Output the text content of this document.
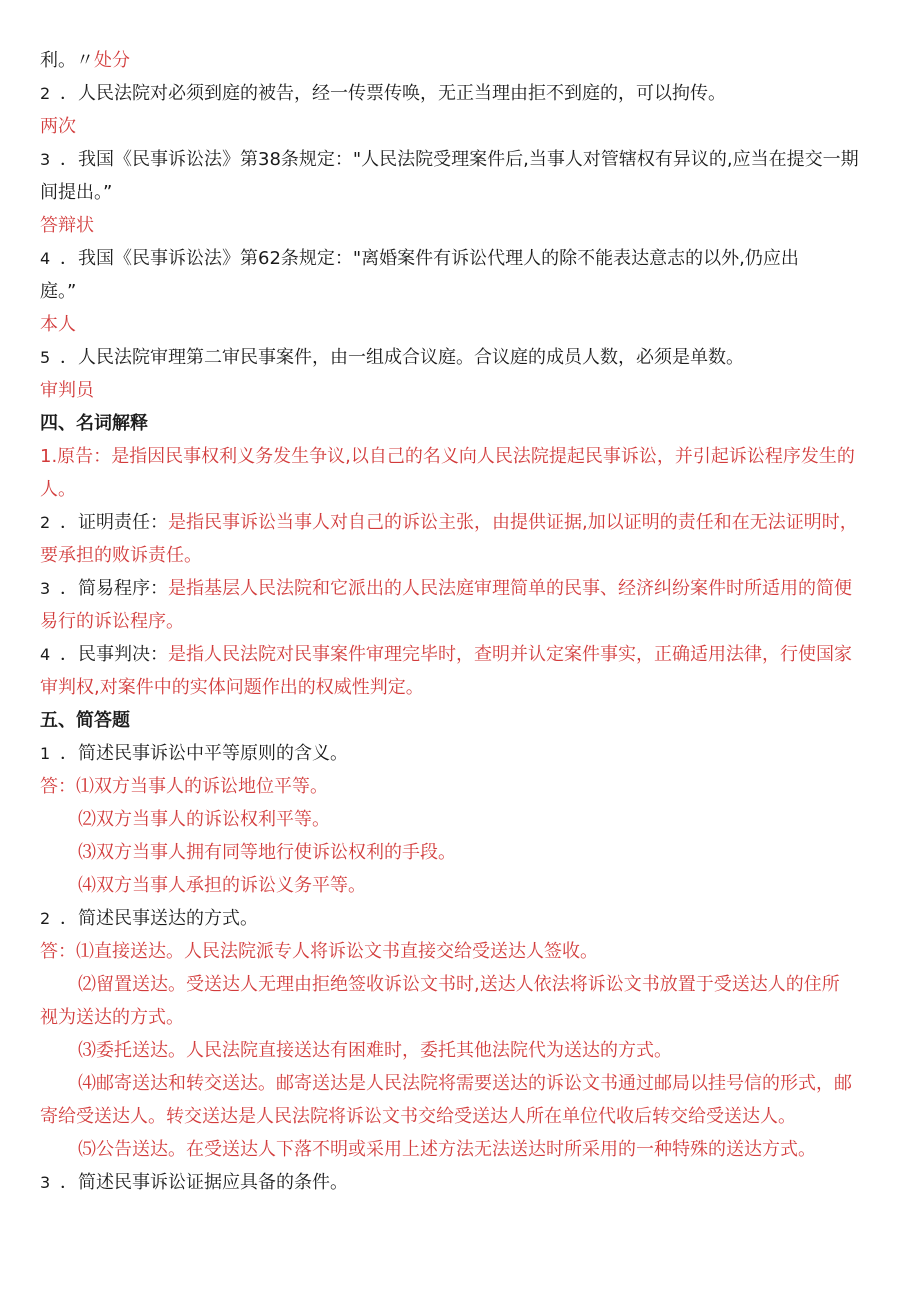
利。〃处分
2 ．人民法院对必须到庭的被告，经一传票传唤，无正当理由拒不到庭的，可以拘传。
两次
3 ．我国《民事诉讼法》第38条规定："人民法院受理案件后,当事人对管辖权有异议的,应当在提交一期
间提出。”
答辩状
4 ．我国《民事诉讼法》第62条规定："离婚案件有诉讼代理人的除不能表达意志的以外,仍应出
庭。”
本人
5 ．人民法院审理第二审民事案件，由一组成合议庭。合议庭的成员人数，必须是单数。
审判员
四、名词解释
1.原告：是指因民事权利义务发生争议,以自己的名义向人民法院提起民事诉讼，并引起诉讼程序发生的
人。
2 ．证明责任：是指民事诉讼当事人对自己的诉讼主张，由提供证据,加以证明的责任和在无法证明时，
要承担的败诉责任。
3 ．简易程序：是指基层人民法院和它派出的人民法庭审理简单的民事、经济纠纷案件时所适用的简便
易行的诉讼程序。
4 ．民事判决：是指人民法院对民事案件审理完毕时，查明并认定案件事实，正确适用法律，行使国家
审判权,对案件中的实体问题作出的权威性判定。
五、简答题
1 ．简述民事诉讼中平等原则的含义。
答：⑴双方当事人的诉讼地位平等。
⑵双方当事人的诉讼权利平等。
⑶双方当事人拥有同等地行使诉讼权利的手段。
⑷双方当事人承担的诉讼义务平等。
2 ．简述民事送达的方式。
答：⑴直接送达。人民法院派专人将诉讼文书直接交给受送达人签收。
⑵留置送达。受送达人无理由拒绝签收诉讼文书时,送达人依法将诉讼文书放置于受送达人的住所
视为送达的方式。
⑶委托送达。人民法院直接送达有困难时，委托其他法院代为送达的方式。
⑷邮寄送达和转交送达。邮寄送达是人民法院将需要送达的诉讼文书通过邮局以挂号信的形式，邮
寄给受送达人。转交送达是人民法院将诉讼文书交给受送达人所在单位代收后转交给受送达人。
⑸公告送达。在受送达人下落不明或采用上述方法无法送达时所采用的一种特殊的送达方式。
3 ．简述民事诉讼证据应具备的条件。
